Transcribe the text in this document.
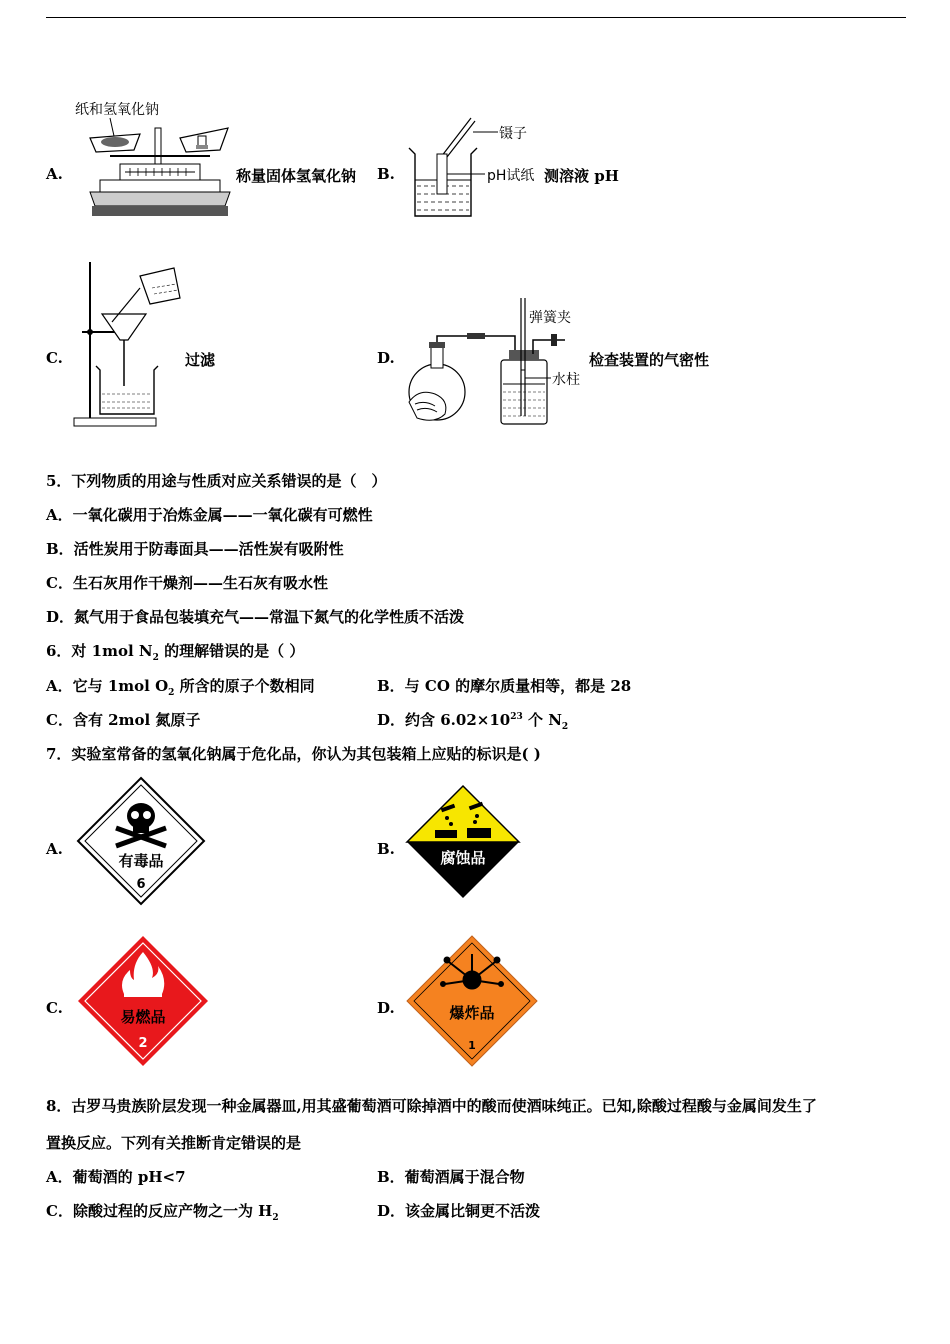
A.
纸和氢氧化钠
称量固体氢氧化钠 B.
镊子
pH试纸 测溶液 pH
C.	过滤	D.
弹簧夹
水柱
检查装置的气密性
5．下列物质的用途与性质对应关系错误的是（　）
A．一氧化碳用于冶炼金属——一氧化碳有可燃性
B．活性炭用于防毒面具——活性炭有吸附性
C．生石灰用作干燥剂——生石灰有吸水性
D．氮气用于食品包装填充气——常温下氮气的化学性质不活泼
6．对 1mol $N_2$ 的理解错误的是（ ）
A．它与 1mol $O_2$ 所含的原子个数相同	B．与 CO 的摩尔质量相等，都是 28
C．含有 2mol 氮原子	D．约含 $6.02\times 10^{23}$ 个 $N_2$
7．实验室常备的氢氧化钠属于危化品，你认为其包装箱上应贴的标识是( )
A.
有毒品
6
B.	腐蚀品
C.	易燃品
2
D.	爆炸品
1
8．古罗马贵族阶层发现一种金属器皿,用其盛葡萄酒可除掉酒中的酸而使酒味纯正。已知,除酸过程酸与金属间发生了
置换反应。下列有关推断肯定错误的是
A．葡萄酒的 pH<7	B．葡萄酒属于混合物
C．除酸过程的反应产物之一为 $H_2$	D．该金属比铜更不活泼
